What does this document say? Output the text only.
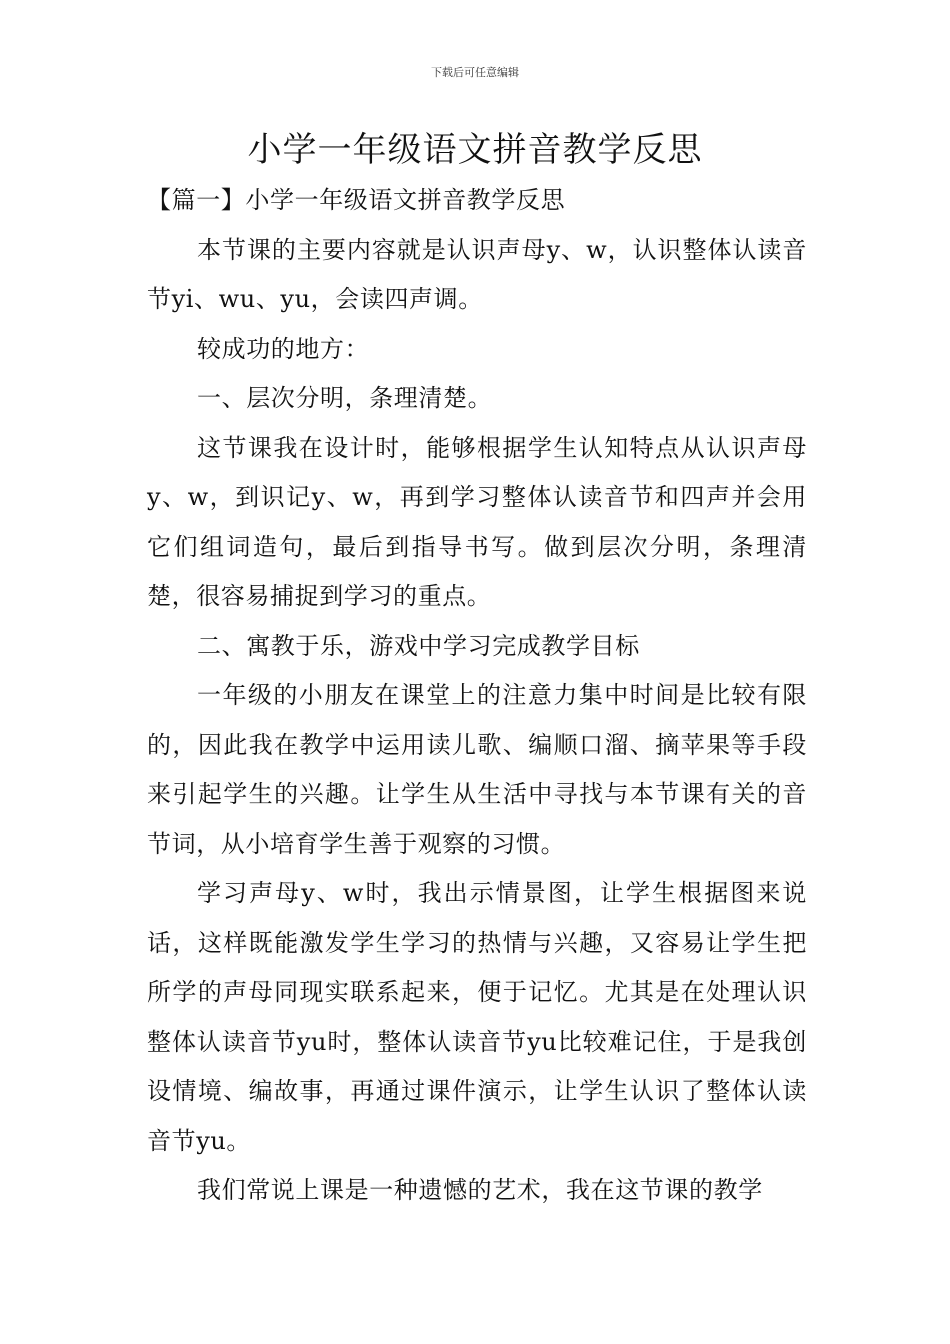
下载后可任意编辑
小学一年级语文拼音教学反思

【篇一】小学一年级语文拼音教学反思

本节课的主要内容就是认识声母y、w，认识整体认读音节yi、wu、yu，会读四声调。

较成功的地方：

一、层次分明，条理清楚。

这节课我在设计时，能够根据学生认知特点从认识声母y、w，到识记y、w，再到学习整体认读音节和四声并会用它们组词造句，最后到指导书写。做到层次分明，条理清楚，很容易捕捉到学习的重点。

二、寓教于乐，游戏中学习完成教学目标

一年级的小朋友在课堂上的注意力集中时间是比较有限的，因此我在教学中运用读儿歌、编顺口溜、摘苹果等手段来引起学生的兴趣。让学生从生活中寻找与本节课有关的音节词，从小培育学生善于观察的习惯。

学习声母y、w时，我出示情景图，让学生根据图来说话，这样既能激发学生学习的热情与兴趣，又容易让学生把所学的声母同现实联系起来，便于记忆。尤其是在处理认识整体认读音节yu时，整体认读音节yu比较难记住，于是我创设情境、编故事，再通过课件演示，让学生认识了整体认读音节yu。

我们常说上课是一种遗憾的艺术，我在这节课的教学
